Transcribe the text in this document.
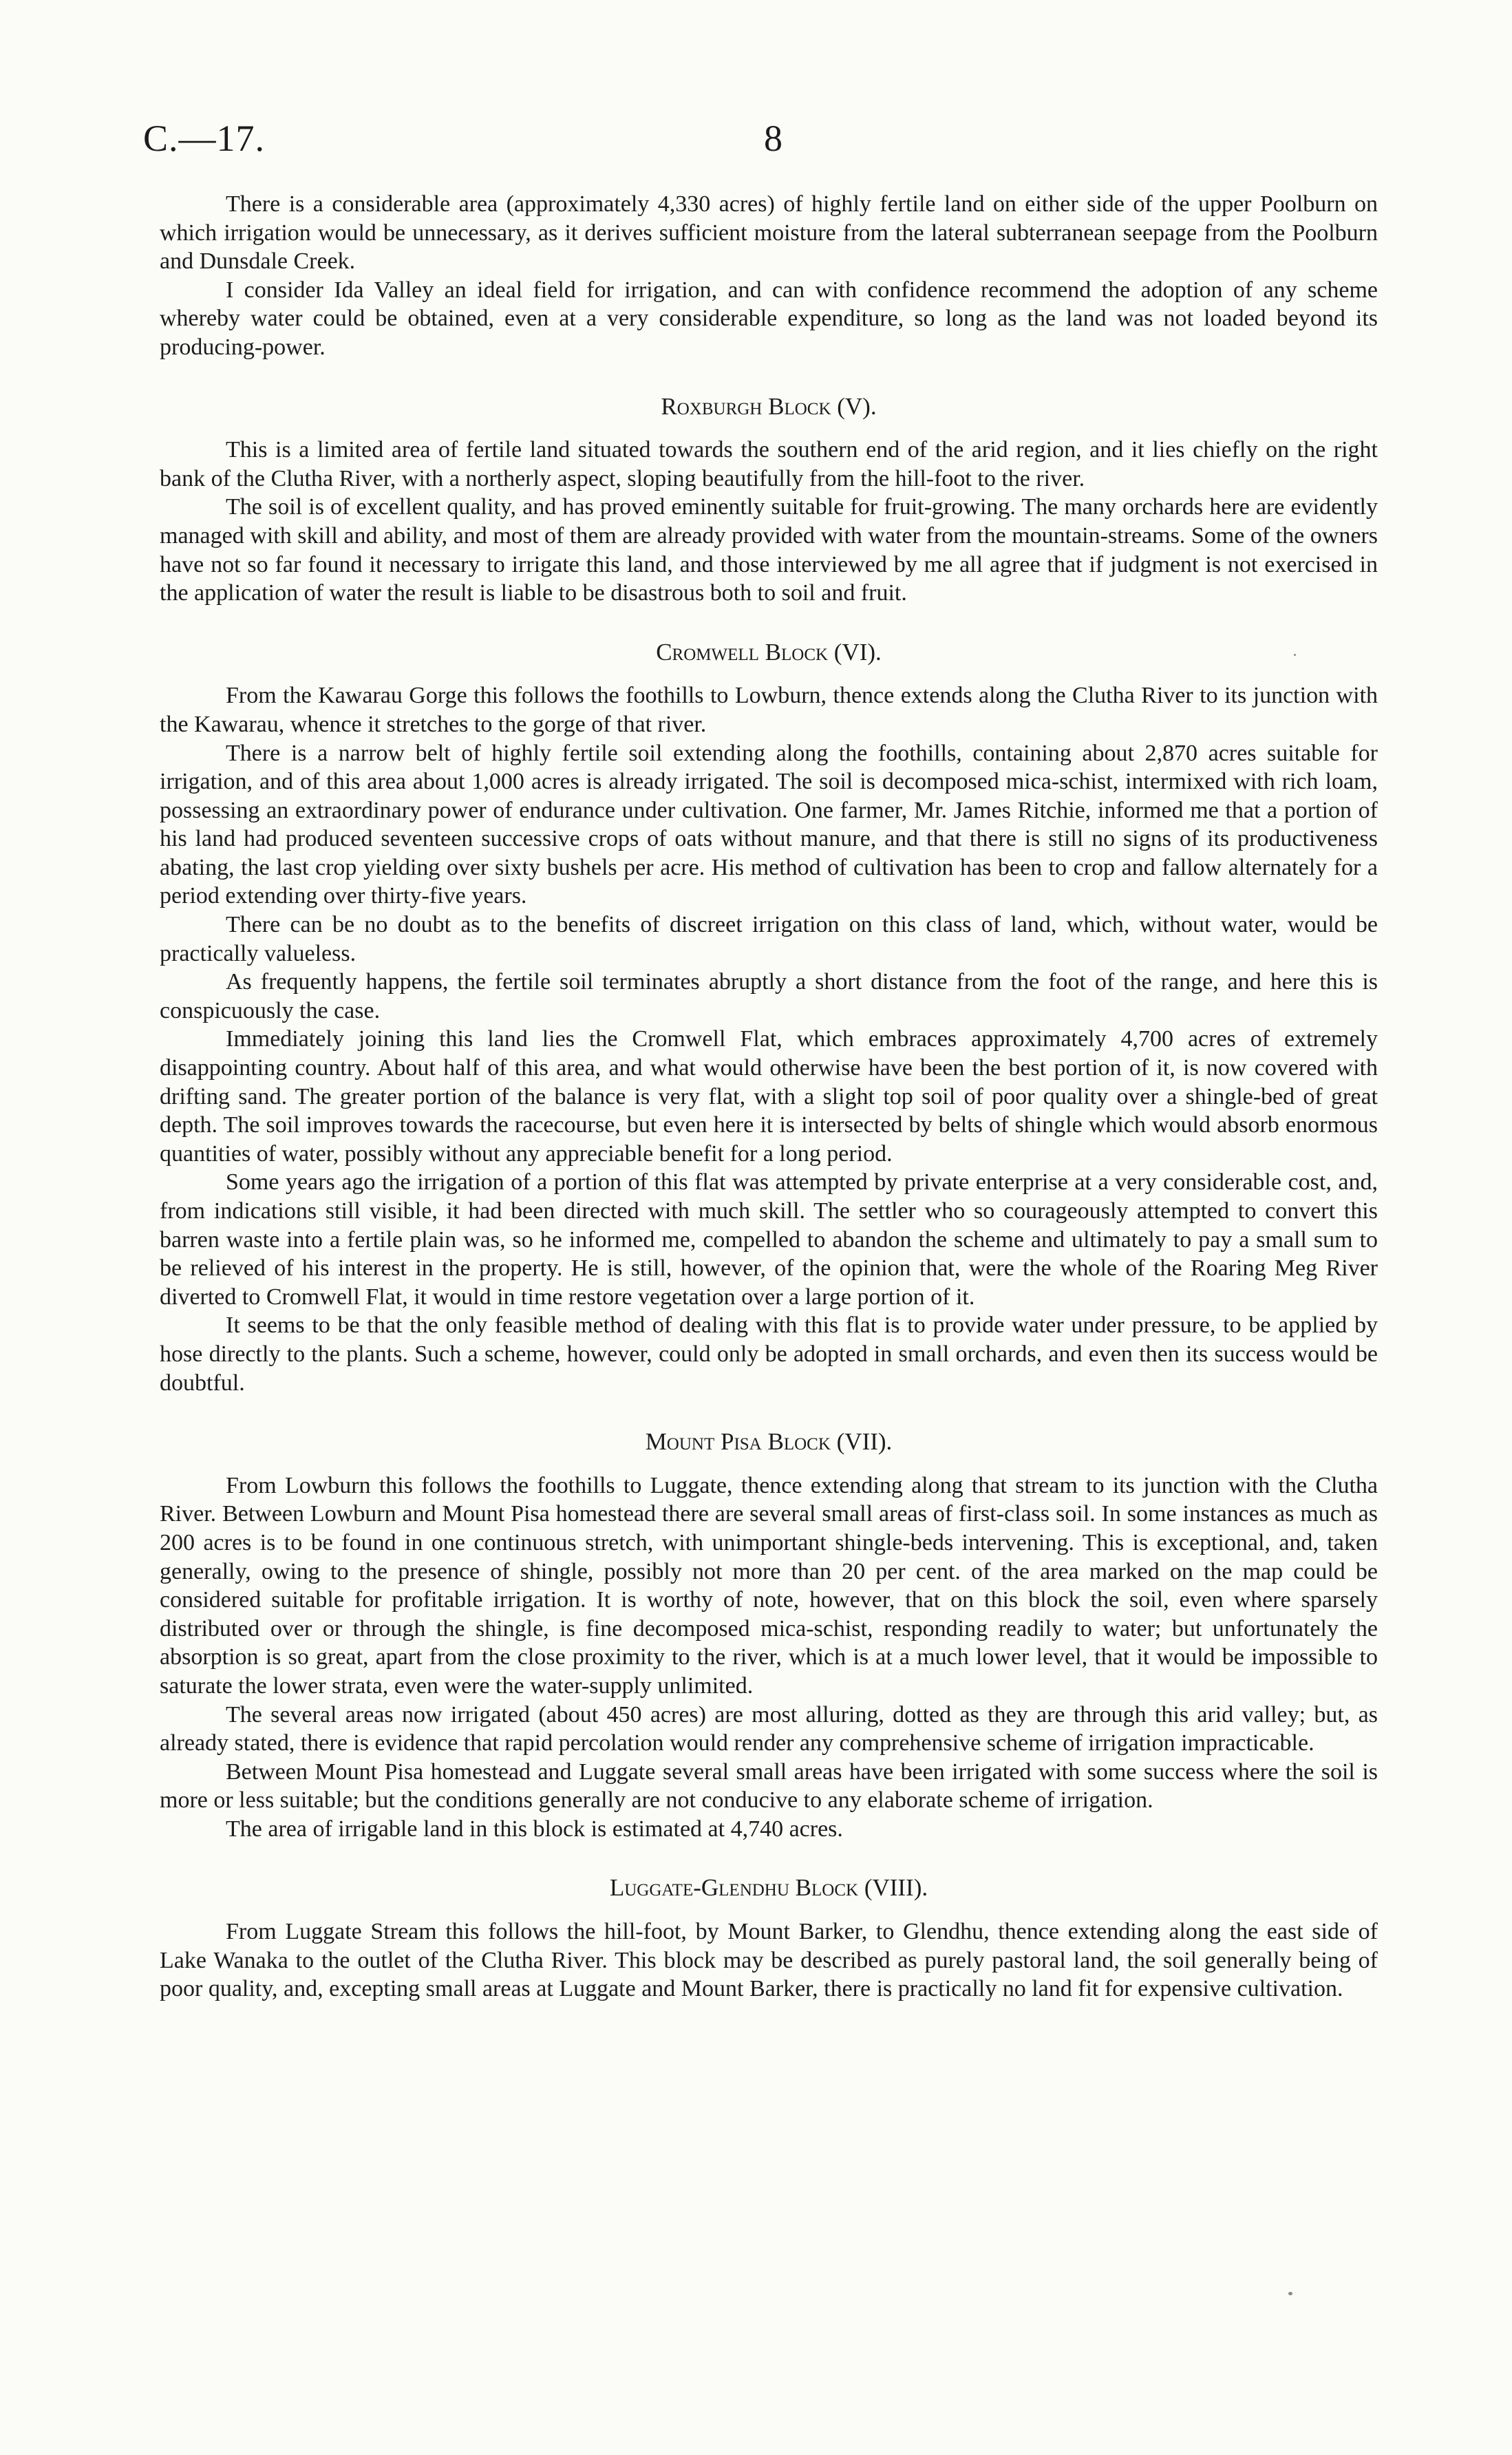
C.—17.	8

There is a considerable area (approximately 4,330 acres) of highly fertile land on either side of the upper Poolburn on which irrigation would be unnecessary, as it derives sufficient moisture from the lateral subterranean seepage from the Poolburn and Dunsdale Creek.

I consider Ida Valley an ideal field for irrigation, and can with confidence recommend the adoption of any scheme whereby water could be obtained, even at a very considerable expenditure, so long as the land was not loaded beyond its producing-power.

Roxburgh Block (V).

This is a limited area of fertile land situated towards the southern end of the arid region, and it lies chiefly on the right bank of the Clutha River, with a northerly aspect, sloping beautifully from the hill-foot to the river.

The soil is of excellent quality, and has proved eminently suitable for fruit-growing. The many orchards here are evidently managed with skill and ability, and most of them are already provided with water from the mountain-streams. Some of the owners have not so far found it necessary to irrigate this land, and those interviewed by me all agree that if judgment is not exercised in the application of water the result is liable to be disastrous both to soil and fruit.

Cromwell Block (VI).

From the Kawarau Gorge this follows the foothills to Lowburn, thence extends along the Clutha River to its junction with the Kawarau, whence it stretches to the gorge of that river.

There is a narrow belt of highly fertile soil extending along the foothills, containing about 2,870 acres suitable for irrigation, and of this area about 1,000 acres is already irrigated. The soil is decomposed mica-schist, intermixed with rich loam, possessing an extraordinary power of endurance under cultivation. One farmer, Mr. James Ritchie, informed me that a portion of his land had produced seventeen successive crops of oats without manure, and that there is still no signs of its productiveness abating, the last crop yielding over sixty bushels per acre. His method of cultivation has been to crop and fallow alternately for a period extending over thirty-five years.

There can be no doubt as to the benefits of discreet irrigation on this class of land, which, without water, would be practically valueless.

As frequently happens, the fertile soil terminates abruptly a short distance from the foot of the range, and here this is conspicuously the case.

Immediately joining this land lies the Cromwell Flat, which embraces approximately 4,700 acres of extremely disappointing country. About half of this area, and what would otherwise have been the best portion of it, is now covered with drifting sand. The greater portion of the balance is very flat, with a slight top soil of poor quality over a shingle-bed of great depth. The soil improves towards the racecourse, but even here it is intersected by belts of shingle which would absorb enormous quantities of water, possibly without any appreciable benefit for a long period.

Some years ago the irrigation of a portion of this flat was attempted by private enterprise at a very considerable cost, and, from indications still visible, it had been directed with much skill. The settler who so courageously attempted to convert this barren waste into a fertile plain was, so he informed me, compelled to abandon the scheme and ultimately to pay a small sum to be relieved of his interest in the property. He is still, however, of the opinion that, were the whole of the Roaring Meg River diverted to Cromwell Flat, it would in time restore vegetation over a large portion of it.

It seems to be that the only feasible method of dealing with this flat is to provide water under pressure, to be applied by hose directly to the plants. Such a scheme, however, could only be adopted in small orchards, and even then its success would be doubtful.

Mount Pisa Block (VII).

From Lowburn this follows the foothills to Luggate, thence extending along that stream to its junction with the Clutha River. Between Lowburn and Mount Pisa homestead there are several small areas of first-class soil. In some instances as much as 200 acres is to be found in one continuous stretch, with unimportant shingle-beds intervening. This is exceptional, and, taken generally, owing to the presence of shingle, possibly not more than 20 per cent. of the area marked on the map could be considered suitable for profitable irrigation. It is worthy of note, however, that on this block the soil, even where sparsely distributed over or through the shingle, is fine decomposed mica-schist, responding readily to water; but unfortunately the absorption is so great, apart from the close proximity to the river, which is at a much lower level, that it would be impossible to saturate the lower strata, even were the water-supply unlimited.

The several areas now irrigated (about 450 acres) are most alluring, dotted as they are through this arid valley; but, as already stated, there is evidence that rapid percolation would render any comprehensive scheme of irrigation impracticable.

Between Mount Pisa homestead and Luggate several small areas have been irrigated with some success where the soil is more or less suitable; but the conditions generally are not conducive to any elaborate scheme of irrigation.

The area of irrigable land in this block is estimated at 4,740 acres.

Luggate-Glendhu Block (VIII).

From Luggate Stream this follows the hill-foot, by Mount Barker, to Glendhu, thence extending along the east side of Lake Wanaka to the outlet of the Clutha River. This block may be described as purely pastoral land, the soil generally being of poor quality, and, excepting small areas at Luggate and Mount Barker, there is practically no land fit for expensive cultivation.
